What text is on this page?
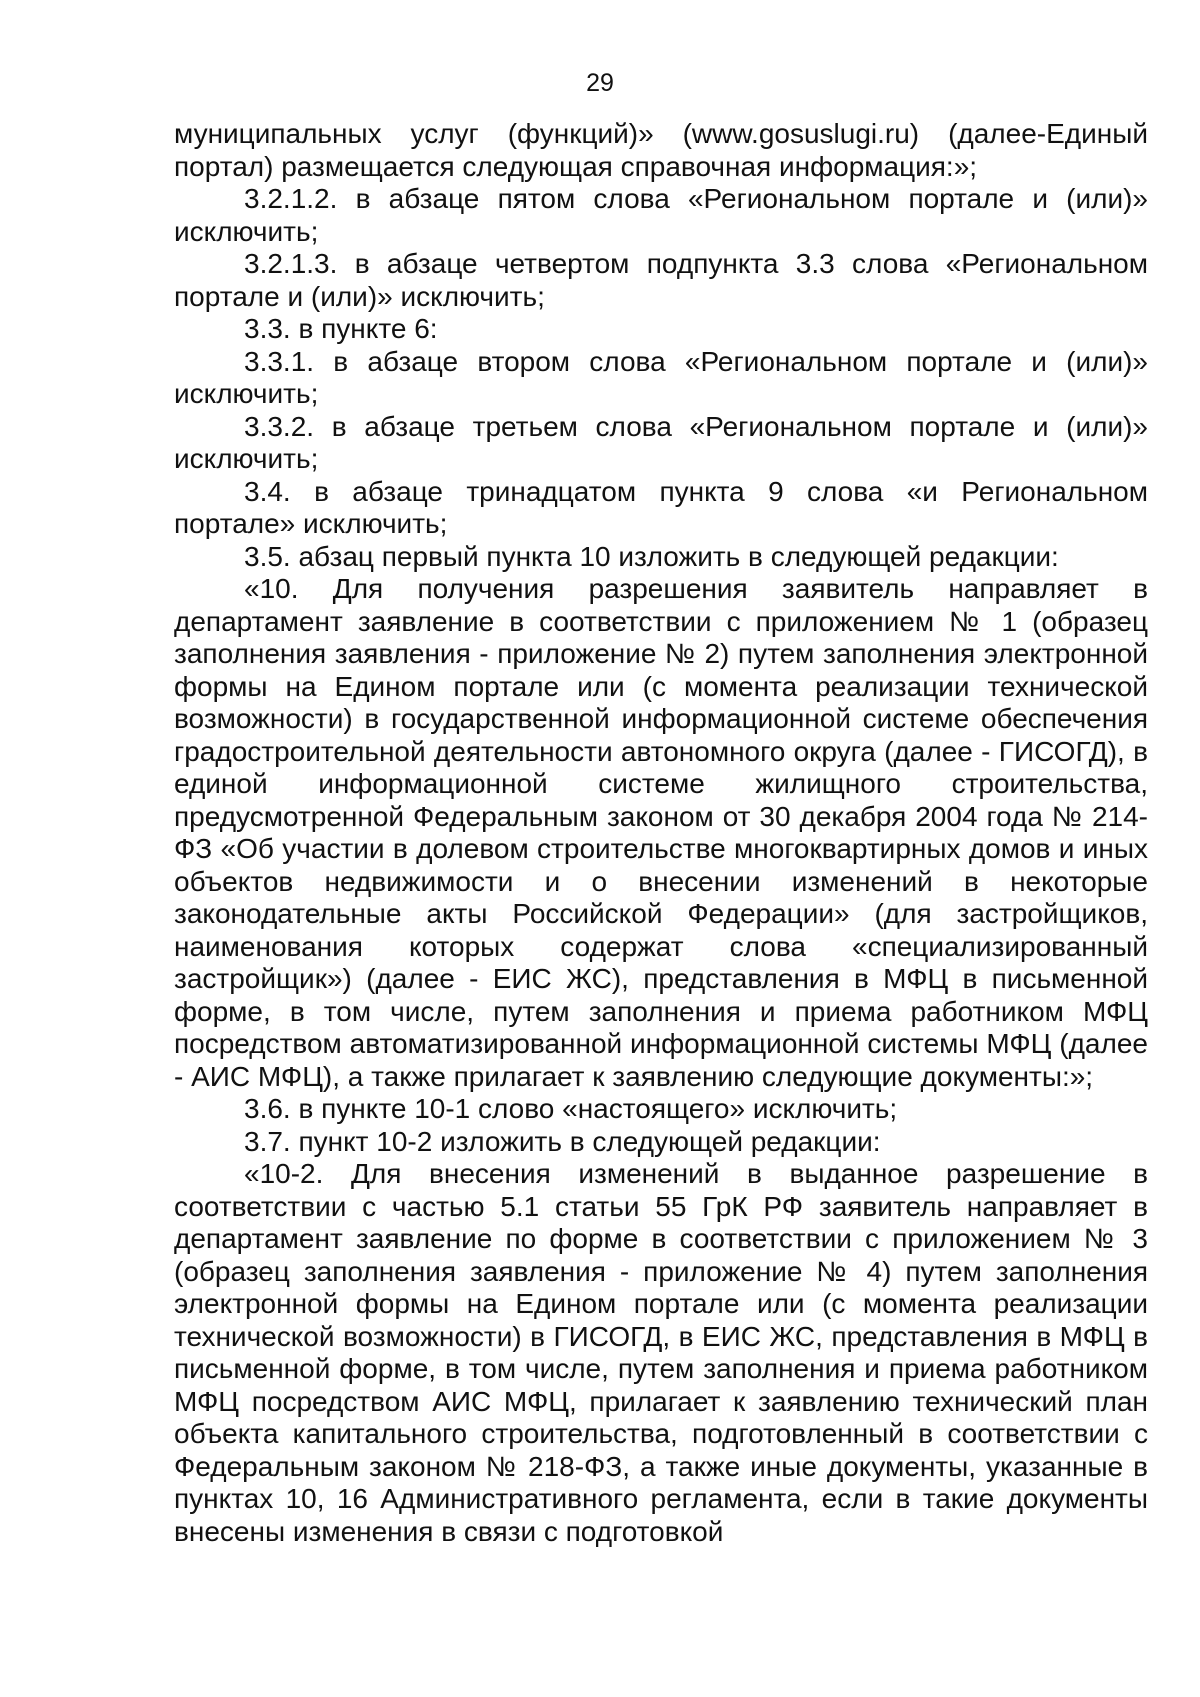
29

муниципальных услуг (функций)» (www.gosuslugi.ru) (далее-Единый портал) размещается следующая справочная информация:»;

3.2.1.2. в абзаце пятом слова «Региональном портале и (или)» исключить;

3.2.1.3. в абзаце четвертом подпункта 3.3 слова «Региональном портале и (или)» исключить;

3.3. в пункте 6:

3.3.1. в абзаце втором слова «Региональном портале и (или)» исключить;

3.3.2. в абзаце третьем слова «Региональном портале и (или)» исключить;

3.4. в абзаце тринадцатом пункта 9 слова «и Региональном портале» исключить;

3.5. абзац первый пункта 10 изложить в следующей редакции:

«10. Для получения разрешения заявитель направляет в департамент заявление в соответствии с приложением № 1 (образец заполнения заявления - приложение № 2) путем заполнения электронной формы на Едином портале или (с момента реализации технической возможности) в государственной информационной системе обеспечения градостроительной деятельности автономного округа (далее - ГИСОГД), в единой информационной системе жилищного строительства, предусмотренной Федеральным законом от 30 декабря 2004 года № 214-ФЗ «Об участии в долевом строительстве многоквартирных домов и иных объектов недвижимости и о внесении изменений в некоторые законодательные акты Российской Федерации» (для застройщиков, наименования которых содержат слова «специализированный застройщик») (далее - ЕИС ЖС), представления в МФЦ в письменной форме, в том числе, путем заполнения и приема работником МФЦ посредством автоматизированной информационной системы МФЦ (далее - АИС МФЦ), а также прилагает к заявлению следующие документы:»;

3.6. в пункте 10-1 слово «настоящего» исключить;

3.7. пункт 10-2 изложить в следующей редакции:

«10-2. Для внесения изменений в выданное разрешение в соответствии с частью 5.1 статьи 55 ГрК РФ заявитель направляет в департамент заявление по форме в соответствии с приложением № 3 (образец заполнения заявления - приложение № 4) путем заполнения электронной формы на Едином портале или (с момента реализации технической возможности) в ГИСОГД, в ЕИС ЖС, представления в МФЦ в письменной форме, в том числе, путем заполнения и приема работником МФЦ посредством АИС МФЦ, прилагает к заявлению технический план объекта капитального строительства, подготовленный в соответствии с Федеральным законом № 218-ФЗ, а также иные документы, указанные в пунктах 10, 16 Административного регламента, если в такие документы внесены изменения в связи с подготовкой
